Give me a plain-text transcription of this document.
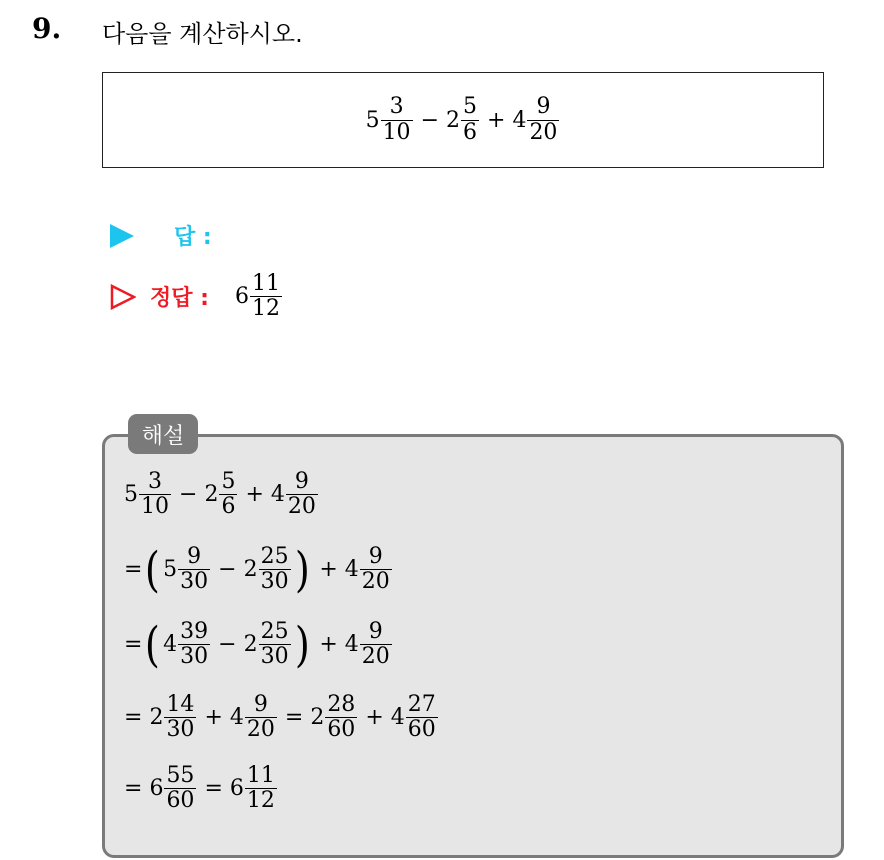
9. 다음을 계산하시오.
$5 \frac{3}{10} - 2 \frac{5}{6} + 4 \frac{9}{20}$
답 :
정답 : $6 \frac{11}{12}$
해설
$5 \frac{3}{10} - 2 \frac{5}{6} + 4 \frac{9}{20}$
= ( $5 \frac{9}{30} - 2 \frac{25}{30}$ ) + $4 \frac{9}{20}$
= ( $4 \frac{39}{30} - 2 \frac{25}{30}$ ) + $4 \frac{9}{20}$
=
$2 \frac{14}{30} + 4 \frac{9}{20} = 2 \frac{28}{60} + 4 \frac{27}{60}$
=
$6 \frac{55}{60} = 6 \frac{11}{12}$
